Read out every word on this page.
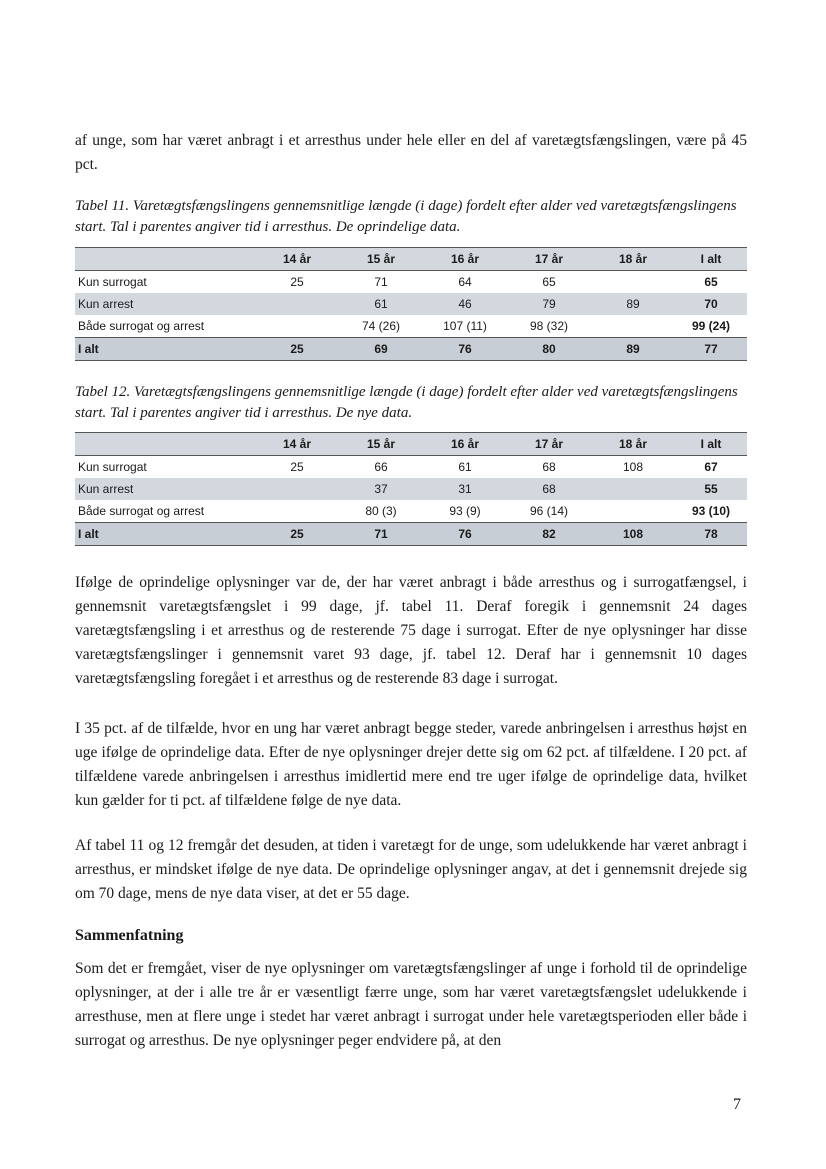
af unge, som har været anbragt i et arresthus under hele eller en del af varetægtsfængslingen, være på 45 pct.

Tabel 11. Varetægtsfængslingens gennemsnitlige længde (i dage) fordelt efter alder ved varetægtsfængslingens start. Tal i parentes angiver tid i arresthus. De oprindelige data.

	14 år	15 år	16 år	17 år	18 år	I alt
Kun surrogat	25	71	64	65		65
Kun arrest		61	46	79	89	70
Både surrogat og arrest		74 (26)	107 (11)	98 (32)		99 (24)
I alt	25	69	76	80	89	77

Tabel 12. Varetægtsfængslingens gennemsnitlige længde (i dage) fordelt efter alder ved varetægtsfængslingens start. Tal i parentes angiver tid i arresthus. De nye data.

	14 år	15 år	16 år	17 år	18 år	I alt
Kun surrogat	25	66	61	68	108	67
Kun arrest		37	31	68		55
Både surrogat og arrest		80 (3)	93 (9)	96 (14)		93 (10)
I alt	25	71	76	82	108	78

Ifølge de oprindelige oplysninger var de, der har været anbragt i både arresthus og i surrogatfængsel, i gennemsnit varetægtsfængslet i 99 dage, jf. tabel 11. Deraf foregik i gennemsnit 24 dages varetægtsfængsling i et arresthus og de resterende 75 dage i surrogat. Efter de nye oplysninger har disse varetægtsfængslinger i gennemsnit varet 93 dage, jf. tabel 12. Deraf har i gennemsnit 10 dages varetægtsfængsling foregået i et arresthus og de resterende 83 dage i surrogat.

I 35 pct. af de tilfælde, hvor en ung har været anbragt begge steder, varede anbringelsen i arresthus højst en uge ifølge de oprindelige data. Efter de nye oplysninger drejer dette sig om 62 pct. af tilfældene. I 20 pct. af tilfældene varede anbringelsen i arresthus imidlertid mere end tre uger ifølge de oprindelige data, hvilket kun gælder for ti pct. af tilfældene følge de nye data.

Af tabel 11 og 12 fremgår det desuden, at tiden i varetægt for de unge, som udelukkende har været anbragt i arresthus, er mindsket ifølge de nye data. De oprindelige oplysninger angav, at det i gennemsnit drejede sig om 70 dage, mens de nye data viser, at det er 55 dage.

Sammenfatning

Som det er fremgået, viser de nye oplysninger om varetægtsfængslinger af unge i forhold til de oprindelige oplysninger, at der i alle tre år er væsentligt færre unge, som har været varetægtsfængslet udelukkende i arresthuse, men at flere unge i stedet har været anbragt i surrogat under hele varetægtsperioden eller både i surrogat og arresthus. De nye oplysninger peger endvidere på, at den

7
